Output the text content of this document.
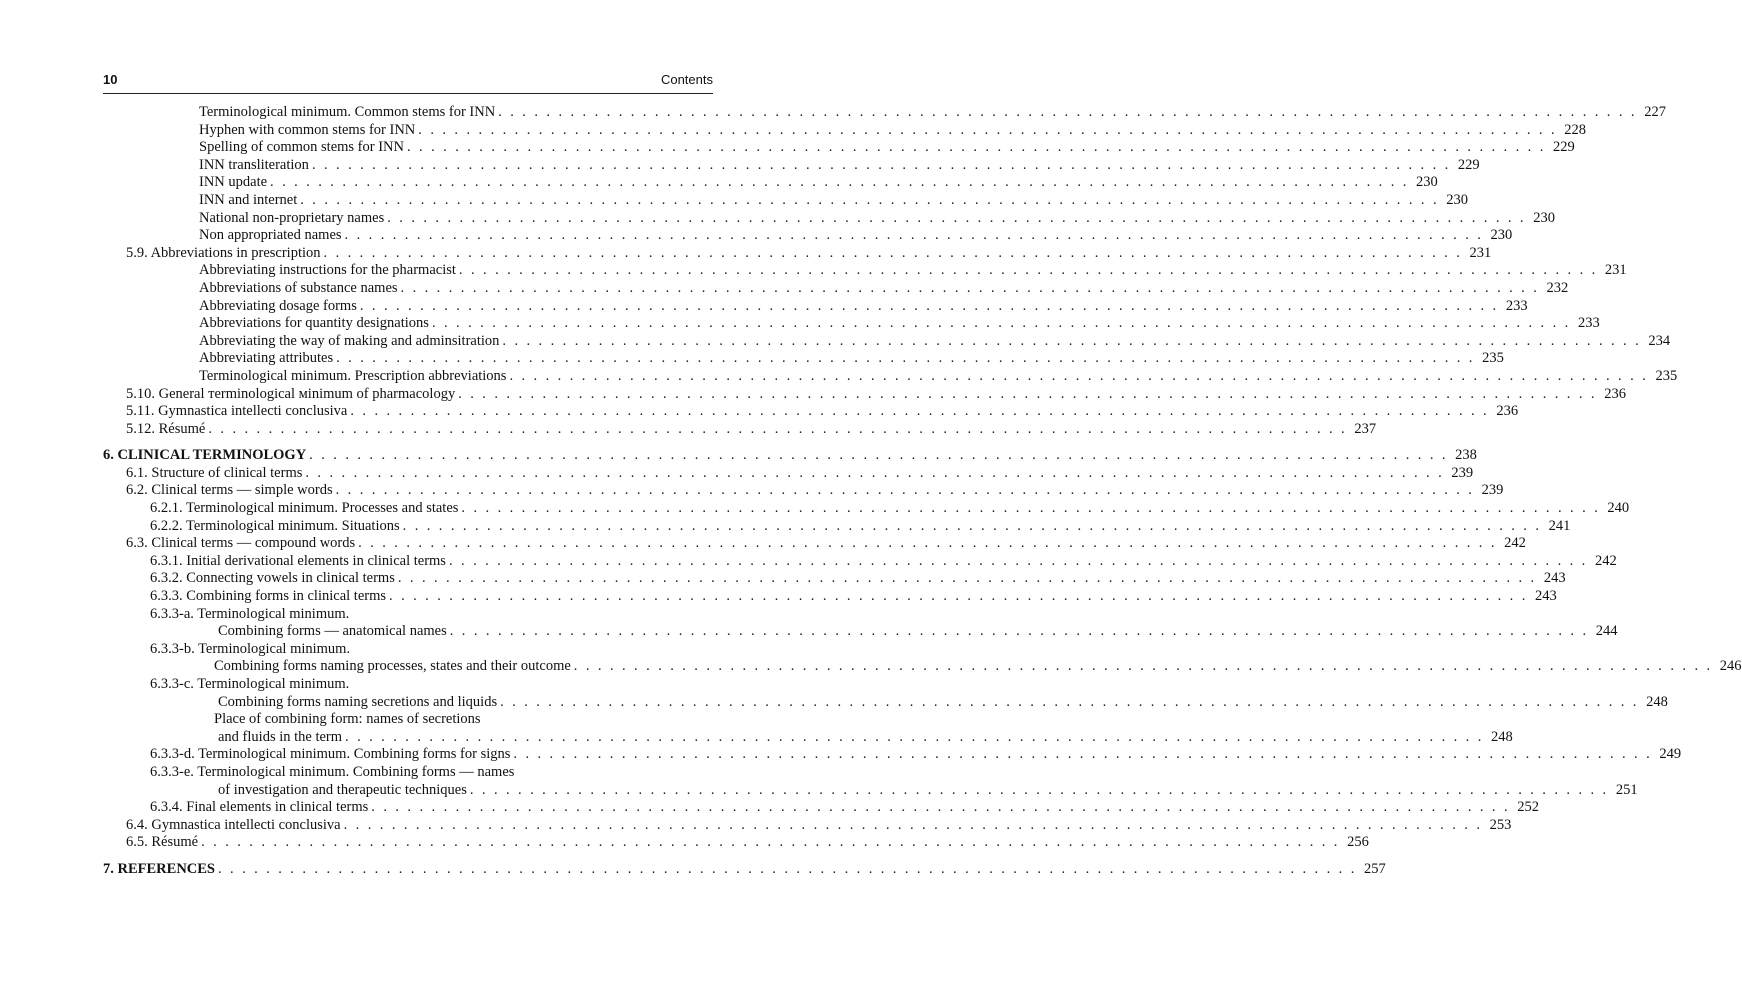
10	Contents
Terminological minimum. Common stems for INN . . .	227
Hyphen with common stems for INN . . .	228
Spelling of common stems for INN . . .	229
INN transliteration . . .	229
INN update . . .	230
INN and internet . . .	230
National non-proprietary names . . .	230
Non appropriated names . . .	230
5.9. Abbreviations in prescription . . .	231
Abbreviating instructions for the pharmacist . . .	231
Abbreviations of substance names . . .	232
Abbreviating dosage forms . . .	233
Abbreviations for quantity designations . . .	233
Abbreviating the way of making and adminsitration . . .	234
Abbreviating attributes . . .	235
Terminological minimum. Prescription abbreviations . . .	235
5.10. General тerminological мinimum of pharmacology . . .	236
5.11. Gymnastica intellecti conclusiva . . .	236
5.12. Résumé . . .	237
6. CLINICAL TERMINOLOGY . . .	238
6.1. Structure of clinical terms . . .	239
6.2. Clinical terms — simple words . . .	239
6.2.1. Terminological minimum. Processes and states . . .	240
6.2.2. Terminological minimum. Situations . . .	241
6.3. Clinical terms — compound words . . .	242
6.3.1. Initial derivational elements in clinical terms . . .	242
6.3.2. Connecting vowels in clinical terms . . .	243
6.3.3. Combining forms in clinical terms . . .	243
6.3.3-a. Terminological minimum.
Combining forms — anatomical names . . .	244
6.3.3-b. Terminological minimum.
Combining forms naming processes, states and their outcome . . .	246
6.3.3-c. Terminological minimum.
Combining forms naming secretions and liquids . . .	248
Place of combining form: names of secretions
and fluids in the term . . .	248
6.3.3-d. Terminological minimum. Combining forms for signs . . .	249
6.3.3-e. Terminological minimum. Combining forms — names
of investigation and therapeutic techniques . . .	251
6.3.4. Final elements in clinical terms . . .	252
6.4. Gymnastica intellecti conclusiva . . .	253
6.5. Résumé . . .	256
7. REFERENCES . . .	257
